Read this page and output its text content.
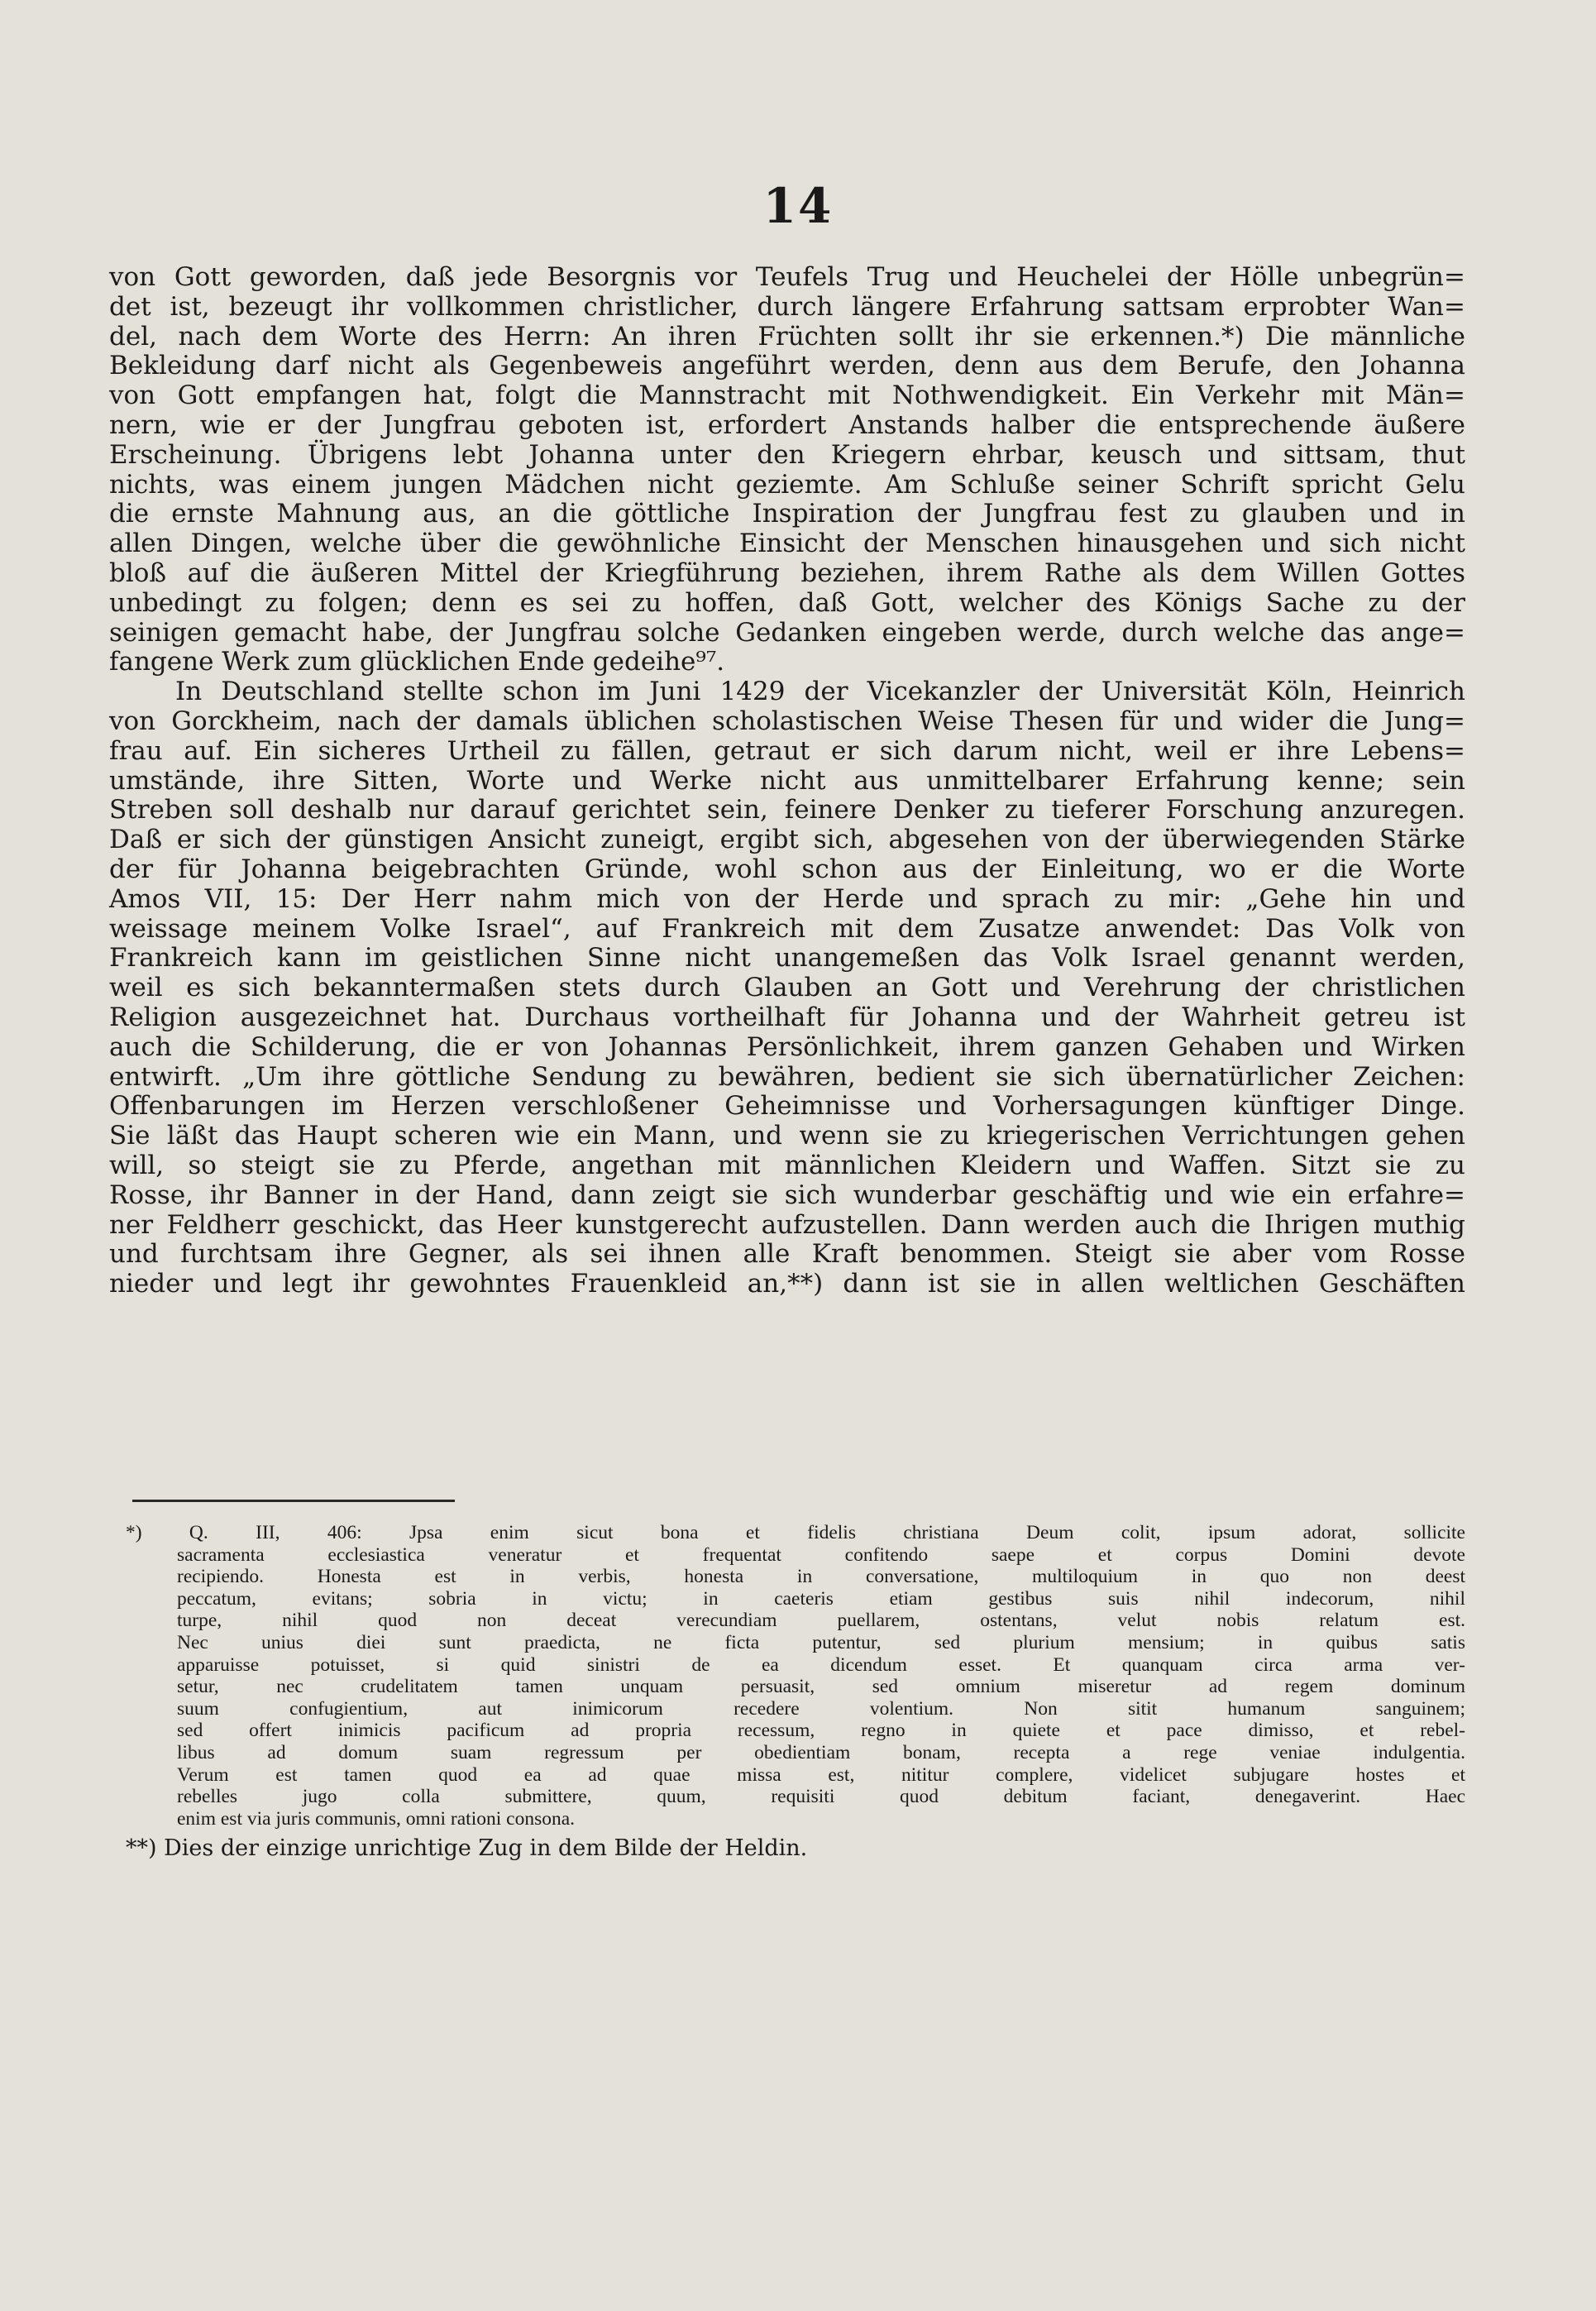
14
von Gott geworden, daß jede Besorgnis vor Teufels Trug und Heuchelei der Hölle unbegrün=
det ist, bezeugt ihr vollkommen christlicher, durch längere Erfahrung sattsam erprobter Wan=
del, nach dem Worte des Herrn: An ihren Früchten sollt ihr sie erkennen.*) Die männliche
Bekleidung darf nicht als Gegenbeweis angeführt werden, denn aus dem Berufe, den Johanna
von Gott empfangen hat, folgt die Mannstracht mit Nothwendigkeit. Ein Verkehr mit Män=
nern, wie er der Jungfrau geboten ist, erfordert Anstands halber die entsprechende äußere
Erscheinung. Übrigens lebt Johanna unter den Kriegern ehrbar, keusch und sittsam, thut
nichts, was einem jungen Mädchen nicht geziemte. Am Schluße seiner Schrift spricht Gelu
die ernste Mahnung aus, an die göttliche Inspiration der Jungfrau fest zu glauben und in
allen Dingen, welche über die gewöhnliche Einsicht der Menschen hinausgehen und sich nicht
bloß auf die äußeren Mittel der Kriegführung beziehen, ihrem Rathe als dem Willen Gottes
unbedingt zu folgen; denn es sei zu hoffen, daß Gott, welcher des Königs Sache zu der
seinigen gemacht habe, der Jungfrau solche Gedanken eingeben werde, durch welche das ange=
fangene Werk zum glücklichen Ende gedeihe⁹⁷.
In Deutschland stellte schon im Juni 1429 der Vicekanzler der Universität Köln, Heinrich
von Gorckheim, nach der damals üblichen scholastischen Weise Thesen für und wider die Jung=
frau auf. Ein sicheres Urtheil zu fällen, getraut er sich darum nicht, weil er ihre Lebens=
umstände, ihre Sitten, Worte und Werke nicht aus unmittelbarer Erfahrung kenne; sein
Streben soll deshalb nur darauf gerichtet sein, feinere Denker zu tieferer Forschung anzuregen.
Daß er sich der günstigen Ansicht zuneigt, ergibt sich, abgesehen von der überwiegenden Stärke
der für Johanna beigebrachten Gründe, wohl schon aus der Einleitung, wo er die Worte
Amos VII, 15: Der Herr nahm mich von der Herde und sprach zu mir: „Gehe hin und
weissage meinem Volke Israel“, auf Frankreich mit dem Zusatze anwendet: Das Volk von
Frankreich kann im geistlichen Sinne nicht unangemeßen das Volk Israel genannt werden,
weil es sich bekanntermaßen stets durch Glauben an Gott und Verehrung der christlichen
Religion ausgezeichnet hat. Durchaus vortheilhaft für Johanna und der Wahrheit getreu ist
auch die Schilderung, die er von Johannas Persönlichkeit, ihrem ganzen Gehaben und Wirken
entwirft. „Um ihre göttliche Sendung zu bewähren, bedient sie sich übernatürlicher Zeichen:
Offenbarungen im Herzen verschloßener Geheimnisse und Vorhersagungen künftiger Dinge.
Sie läßt das Haupt scheren wie ein Mann, und wenn sie zu kriegerischen Verrichtungen gehen
will, so steigt sie zu Pferde, angethan mit männlichen Kleidern und Waffen. Sitzt sie zu
Rosse, ihr Banner in der Hand, dann zeigt sie sich wunderbar geschäftig und wie ein erfahre=
ner Feldherr geschickt, das Heer kunstgerecht aufzustellen. Dann werden auch die Ihrigen muthig
und furchtsam ihre Gegner, als sei ihnen alle Kraft benommen. Steigt sie aber vom Rosse
nieder und legt ihr gewohntes Frauenkleid an,**) dann ist sie in allen weltlichen Geschäften
*) Q. III, 406: Jpsa enim sicut bona et fidelis christiana Deum colit, ipsum adorat, sollicite
sacramenta ecclesiastica veneratur et frequentat confitendo saepe et corpus Domini devote
recipiendo. Honesta est in verbis, honesta in conversatione, multiloquium in quo non deest
peccatum, evitans; sobria in victu; in caeteris etiam gestibus suis nihil indecorum, nihil
turpe, nihil quod non deceat verecundiam puellarem, ostentans, velut nobis relatum est.
Nec unius diei sunt praedicta, ne ficta putentur, sed plurium mensium; in quibus satis
apparuisse potuisset, si quid sinistri de ea dicendum esset. Et quanquam circa arma ver-
setur, nec crudelitatem tamen unquam persuasit, sed omnium miseretur ad regem dominum
suum confugientium, aut inimicorum recedere volentium. Non sitit humanum sanguinem;
sed offert inimicis pacificum ad propria recessum, regno in quiete et pace dimisso, et rebel-
libus ad domum suam regressum per obedientiam bonam, recepta a rege veniae indulgentia.
Verum est tamen quod ea ad quae missa est, nititur complere, videlicet subjugare hostes et
rebelles jugo colla submittere, quum, requisiti quod debitum faciant, denegaverint. Haec
enim est via juris communis, omni rationi consona.
**) Dies der einzige unrichtige Zug in dem Bilde der Heldin.
